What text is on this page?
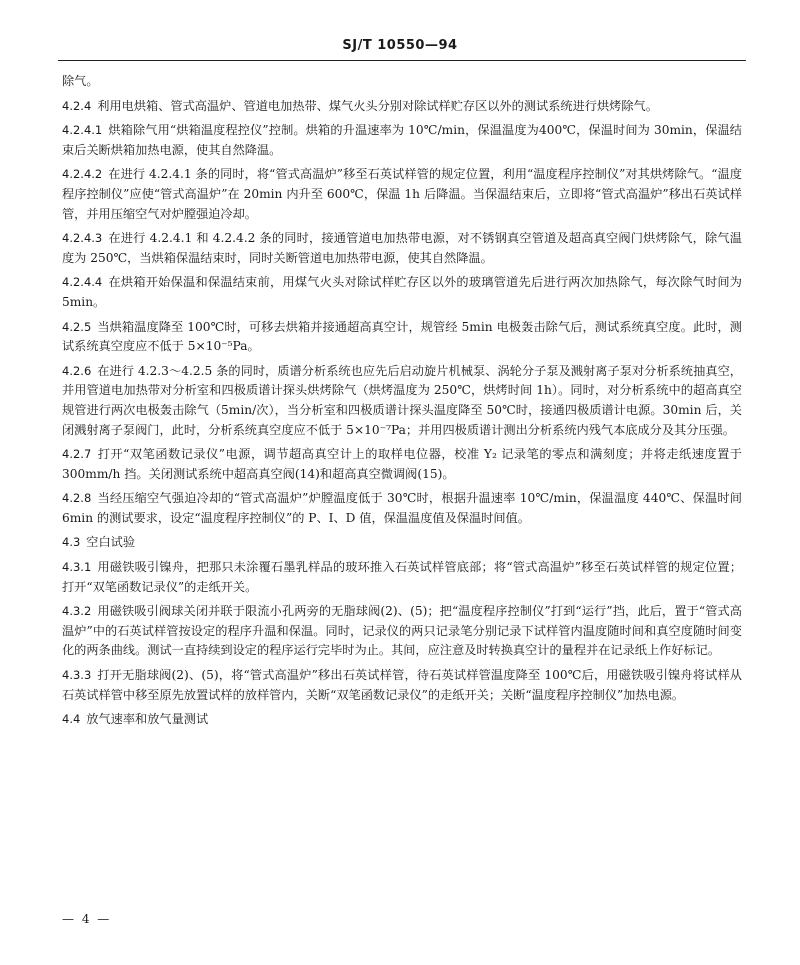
SJ/T 10550—94
除气。
4.2.4 利用电烘箱、管式高温炉、管道电加热带、煤气火头分别对除试样贮存区以外的测试系统进行烘烤除气。
4.2.4.1 烘箱除气用“烘箱温度程控仪”控制。烘箱的升温速率为 10℃/min，保温温度为400℃，保温时间为 30min，保温结束后关断烘箱加热电源，使其自然降温。
4.2.4.2 在进行 4.2.4.1 条的同时，将“管式高温炉”移至石英试样管的规定位置，利用“温度程序控制仪”对其烘烤除气。“温度程序控制仪”应使“管式高温炉”在 20min 内升至 600℃，保温 1h 后降温。当保温结束后，立即将“管式高温炉”移出石英试样管，并用压缩空气对炉膛强迫冷却。
4.2.4.3 在进行 4.2.4.1 和 4.2.4.2 条的同时，接通管道电加热带电源，对不锈钢真空管道及超高真空阀门烘烤除气，除气温度为 250℃，当烘箱保温结束时，同时关断管道电加热带电源，使其自然降温。
4.2.4.4 在烘箱开始保温和保温结束前，用煤气火头对除试样贮存区以外的玻璃管道先后进行两次加热除气，每次除气时间为 5min。
4.2.5 当烘箱温度降至 100℃时，可移去烘箱并接通超高真空计，规管经 5min 电极轰击除气后，测试系统真空度。此时，测试系统真空度应不低于 5×10⁻⁵Pa。
4.2.6 在进行 4.2.3～4.2.5 条的同时，质谱分析系统也应先后启动旋片机械泵、涡轮分子泵及溅射离子泵对分析系统抽真空，并用管道电加热带对分析室和四极质谱计探头烘烤除气（烘烤温度为 250℃，烘烤时间 1h）。同时，对分析系统中的超高真空规管进行两次电极轰击除气（5min/次），当分析室和四极质谱计探头温度降至 50℃时，接通四极质谱计电源。30min 后，关闭溅射离子泵阀门，此时，分析系统真空度应不低于 5×10⁻⁷Pa；并用四极质谱计测出分析系统内残气本底成分及其分压强。
4.2.7 打开“双笔函数记录仪”电源，调节超高真空计上的取样电位器，校准 Y₂ 记录笔的零点和满刻度；并将走纸速度置于 300mm/h 挡。关闭测试系统中超高真空阀(14)和超高真空微调阀(15)。
4.2.8 当经压缩空气强迫冷却的“管式高温炉”炉膛温度低于 30℃时，根据升温速率 10℃/min，保温温度 440℃、保温时间 6min 的测试要求，设定“温度程序控制仪”的 P、I、D 值，保温温度值及保温时间值。
4.3 空白试验
4.3.1 用磁铁吸引镍舟，把那只未涂覆石墨乳样品的玻环推入石英试样管底部；将“管式高温炉”移至石英试样管的规定位置；打开“双笔函数记录仪”的走纸开关。
4.3.2 用磁铁吸引阀球关闭并联于限流小孔两旁的无脂球阀(2)、(5)；把“温度程序控制仪”打到“运行”挡，此后，置于“管式高温炉”中的石英试样管按设定的程序升温和保温。同时，记录仪的两只记录笔分别记录下试样管内温度随时间和真空度随时间变化的两条曲线。测试一直持续到设定的程序运行完毕时为止。其间，应注意及时转换真空计的量程并在记录纸上作好标记。
4.3.3 打开无脂球阀(2)、(5)，将“管式高温炉”移出石英试样管，待石英试样管温度降至 100℃后，用磁铁吸引镍舟将试样从石英试样管中移至原先放置试样的放样管内，关断“双笔函数记录仪”的走纸开关；关断“温度程序控制仪”加热电源。
4.4 放气速率和放气量测试
— 4 —
